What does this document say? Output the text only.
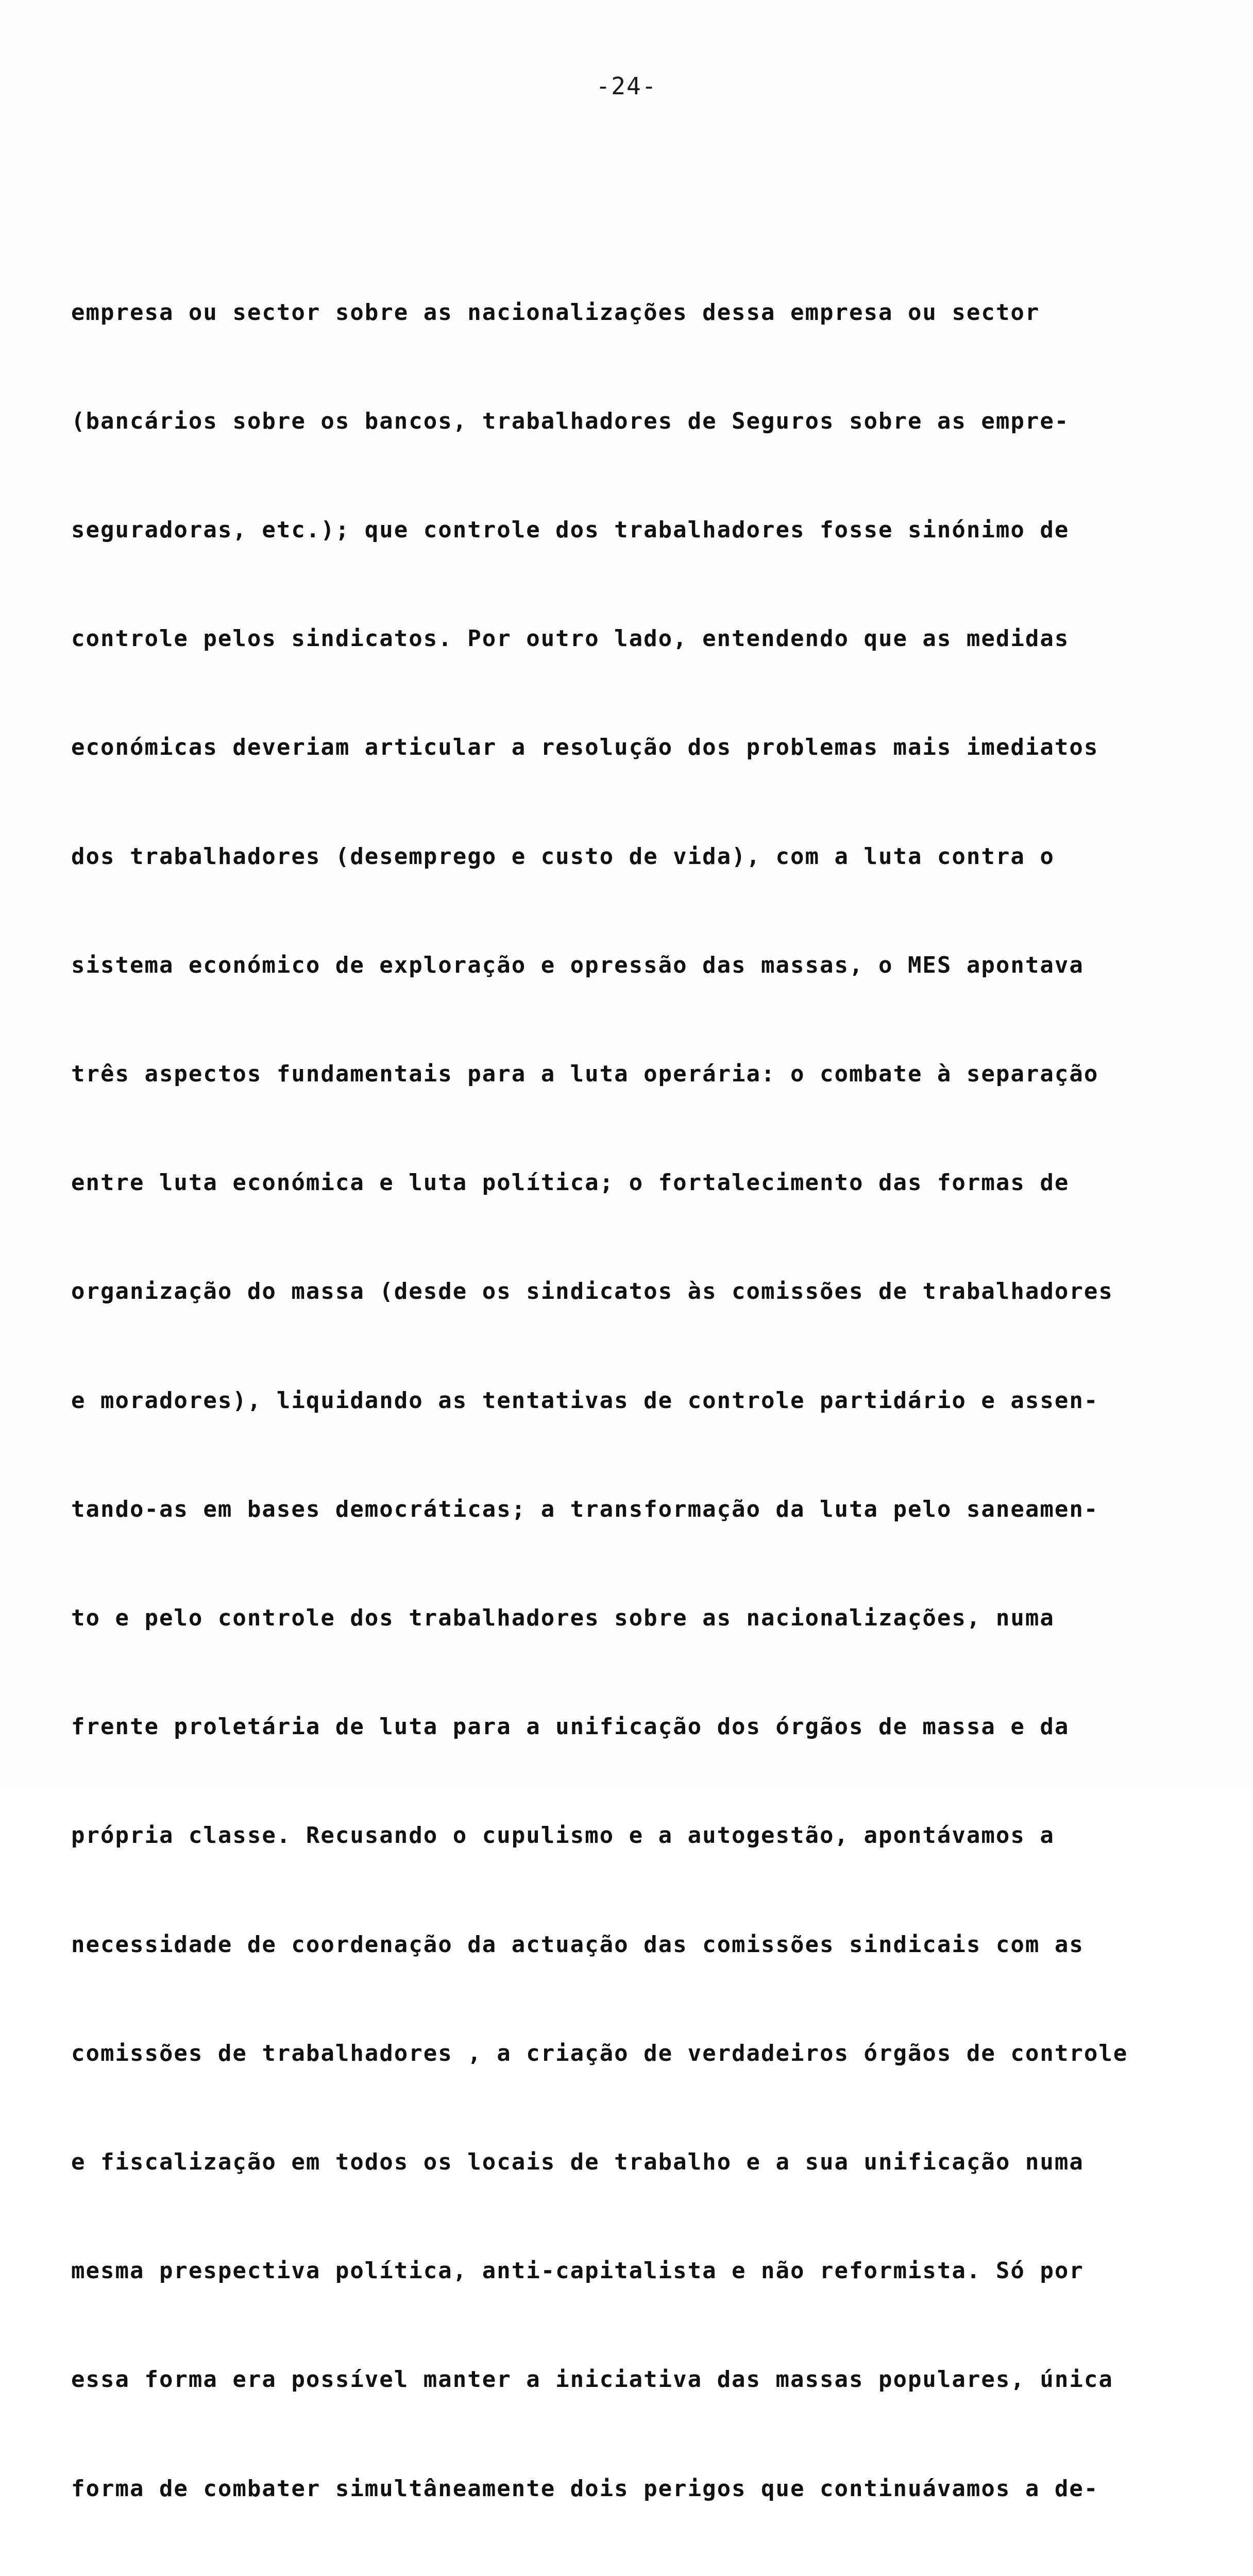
-24-

empresa ou sector sobre as nacionalizações dessa empresa ou sector

(bancários sobre os bancos, trabalhadores de Seguros sobre as empre-

seguradoras, etc.); que controle dos trabalhadores fosse sinónimo de

controle pelos sindicatos. Por outro lado, entendendo que as medidas

económicas deveriam articular a resolução dos problemas mais imediatos

dos trabalhadores (desemprego e custo de vida), com a luta contra o

sistema económico de exploração e opressão das massas, o MES apontava

três aspectos fundamentais para a luta operária: o combate à separação

entre luta económica e luta política; o fortalecimento das formas de

organização do massa (desde os sindicatos às comissões de trabalhadores

e moradores), liquidando as tentativas de controle partidário e assen-

tando-as em bases democráticas; a transformação da luta pelo saneamen-

to e pelo controle dos trabalhadores sobre as nacionalizações, numa

frente proletária de luta para a unificação dos órgãos de massa e da

própria classe. Recusando o cupulismo e a autogestão, apontávamos a

necessidade de coordenação da actuação das comissões sindicais com as

comissões de trabalhadores , a criação de verdadeiros órgãos de controle

e fiscalização em todos os locais de trabalho e a sua unificação numa

mesma prespectiva política, anti-capitalista e não reformista. Só por

essa forma era possível manter a iniciativa das massas populares, única

forma de combater simultâneamente dois perigos que continuávamos a de-
